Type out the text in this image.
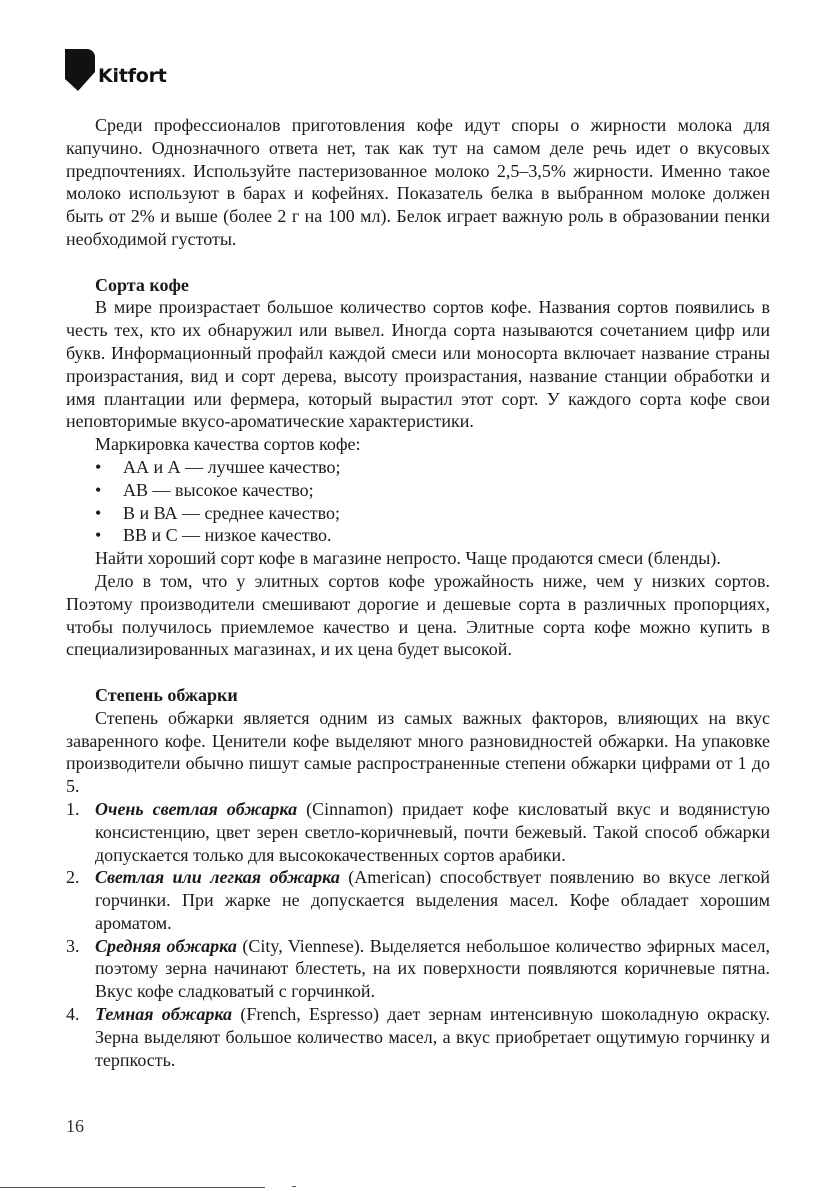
Kitfort

Среди профессионалов приготовления кофе идут споры о жирности молока для капучино. Однозначного ответа нет, так как тут на самом деле речь идет о вкусовых предпочтениях. Используйте пастеризованное молоко 2,5–3,5% жирности. Именно такое молоко используют в барах и кофейнях. Показатель белка в выбранном молоке должен быть от 2% и выше (более 2 г на 100 мл). Белок играет важную роль в образовании пенки необходимой густоты.

Сорта кофе

В мире произрастает большое количество сортов кофе. Названия сортов появились в честь тех, кто их обнаружил или вывел. Иногда сорта называются сочетанием цифр или букв. Информационный профайл каждой смеси или моносорта включает название страны произрастания, вид и сорт дерева, высоту произрастания, название станции обработки и имя плантации или фермера, который вырастил этот сорт. У каждого сорта кофе свои неповторимые вкусо-ароматические характеристики.

Маркировка качества сортов кофе:

• АА и А — лучшее качество;
• АВ — высокое качество;
• В и ВА — среднее качество;
• ВВ и С — низкое качество.

Найти хороший сорт кофе в магазине непросто. Чаще продаются смеси (бленды).

Дело в том, что у элитных сортов кофе урожайность ниже, чем у низких сортов. Поэтому производители смешивают дорогие и дешевые сорта в различных пропорциях, чтобы получилось приемлемое качество и цена. Элитные сорта кофе можно купить в специализированных магазинах, и их цена будет высокой.

Степень обжарки

Степень обжарки является одним из самых важных факторов, влияющих на вкус заваренного кофе. Ценители кофе выделяют много разновидностей обжарки. На упаковке производители обычно пишут самые распространенные степени обжарки цифрами от 1 до 5.

1. Очень светлая обжарка (Cinnamon) придает кофе кисловатый вкус и водянистую консистенцию, цвет зерен светло-коричневый, почти бежевый. Такой способ обжарки допускается только для высококачественных сортов арабики.
2. Светлая или легкая обжарка (American) способствует появлению во вкусе легкой горчинки. При жарке не допускается выделения масел. Кофе обладает хорошим ароматом.
3. Средняя обжарка (City, Viennese). Выделяется небольшое количество эфирных масел, поэтому зерна начинают блестеть, на их поверхности появляются коричневые пятна. Вкус кофе сладковатый с горчинкой.
4. Темная обжарка (French, Espresso) дает зернам интенсивную шоколадную окраску. Зерна выделяют большое количество масел, а вкус приобретает ощутимую горчинку и терпкость.
16
